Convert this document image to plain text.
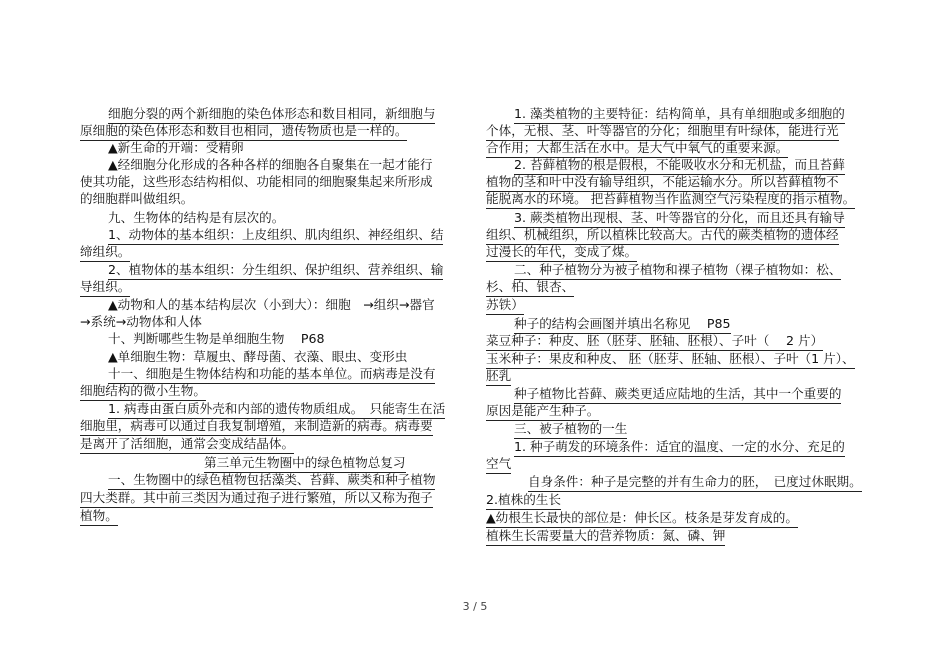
细胞分裂的两个新细胞的染色体形态和数目相同，新细胞与
原细胞的染色体形态和数目也相同，遗传物质也是一样的。
▲新生命的开端：受精卵
▲经细胞分化形成的各种各样的细胞各自聚集在一起才能行
使其功能，这些形态结构相似、功能相同的细胞聚集起来所形成
的细胞群叫做组织。
九、生物体的结构是有层次的。
1、动物体的基本组织：上皮组织、肌肉组织、神经组织、结
缔组织。
2、植物体的基本组织：分生组织、保护组织、营养组织、输
导组织。
▲动物和人的基本结构层次（小到大）：细胞　→组织→器官
→系统→动物体和人体
十、判断哪些生物是单细胞生物　 P68
▲单细胞生物：草履虫、酵母菌、衣藻、眼虫、变形虫
十一、细胞是生物体结构和功能的基本单位。而病毒是没有
细胞结构的微小生物。
1. 病毒由蛋白质外壳和内部的遗传物质组成。　只能寄生在活
细胞里，病毒可以通过自我复制增殖，来制造新的病毒。病毒要
是离开了活细胞，通常会变成结晶体。
第三单元生物圈中的绿色植物总复习
一、生物圈中的绿色植物包括藻类、苔藓、蕨类和种子植物
四大类群。其中前三类因为通过孢子进行繁殖，所以又称为孢子
植物。
1. 藻类植物的主要特征：结构简单，具有单细胞或多细胞的
个体，无根、茎、叶等器官的分化；细胞里有叶绿体，能进行光
合作用；大都生活在水中。是大气中氧气的重要来源。
2. 苔藓植物的根是假根，不能吸收水分和无机盐，而且苔藓
植物的茎和叶中没有输导组织，不能运输水分。所以苔藓植物不
能脱离水的环境。 把苔藓植物当作监测空气污染程度的指示植物。
3. 蕨类植物出现根、茎、叶等器官的分化，而且还具有输导
组织、机械组织，所以植株比较高大。古代的蕨类植物的遗体经
过漫长的年代，变成了煤。
二、种子植物分为被子植物和裸子植物（裸子植物如：松、
杉、柏、银杏、
苏铁）
种子的结构会画图并填出名称见　 P85
菜豆种子：种皮、胚（胚芽、胚轴、胚根）、子叶（　 2 片）
玉米种子：果皮和种皮、 胚（胚芽、胚轴、胚根）、子叶（1 片）、
胚乳
种子植物比苔藓、蕨类更适应陆地的生活，其中一个重要的
原因是能产生种子。
三、被子植物的一生
1. 种子萌发的环境条件：适宜的温度、一定的水分、充足的
空气
自身条件：种子是完整的并有生命力的胚，　已度过休眠期。
2.植株的生长
▲幼根生长最快的部位是：伸长区。枝条是芽发育成的。
植株生长需要量大的营养物质：氮、磷、钾
3 / 5
